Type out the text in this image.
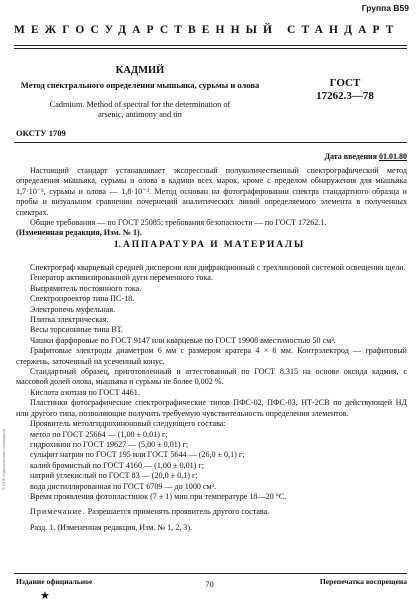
Группа В59
МЕЖГОСУДАРСТВЕННЫЙ СТАНДАРТ
КАДМИЙ
Метод спектрального определения мышьяка, сурьмы и олова
Cadmium. Method of spectral for the determination of arsenic, antimony and tin
ГОСТ
17262.3—78
ОКСТУ 1709
Дата введения 01.01.80

Настоящий стандарт устанавливает экспрессный полуколичественный спектрографический метод определения мышьяка, сурьмы и олова в кадмии всех марок, кроме с пределом обнаружения для мышьяка 1,7·10⁻³, сурьмы и олова — 1,8·10⁻³. Метод основан на фотографировании спектра стандартного образца и пробы и визуальном сравнении почернений аналитических линий определяемого элемента в полученных спектрах.

Общие требования — по ГОСТ 25085; требования безопасности — по ГОСТ 17262.1.

(Измененная редакция, Изм. № 1).

1. АППАРАТУРА И МАТЕРИАЛЫ

Спектрограф кварцевый средней дисперсии или дифракционный с трехлинзовой системой освещения щели.

Генератор активизированной дуги переменного тока.

Выпрямитель постоянного тока.

Спектропроектор типа ПС-18.

Электропечь муфельная.

Плитка электрическая.

Весы торсионные типа ВТ.

Чашки фарфоровые по ГОСТ 9147 или кварцевые по ГОСТ 19908 вместимостью 50 см³.

Графитовые электроды диаметром 6 мм с размером кратера 4 × 6 мм. Контрэлектрод — графитовый стержень, заточенный на усеченный конус.

Стандартный образец, приготовленный и аттестованный по ГОСТ 8.315 на основе оксида кадмия, с массовой долей олова, мышьяка и сурьмы не более 0,002 %.

Кислота азотная по ГОСТ 4461.

Пластинки фотографические спектрографические типов ПФС-02, ПФС-03, НТ-2СВ по действующей НД или другого типа, позволяющие получить требуемую чувствительность определения элементов.

Проявитель метолгидрохиноновый следующего состава:

метол по ГОСТ 25664 — (1,00 ± 0,01) г;

гидрохинон по ГОСТ 19627 — (5,00 ± 0,01) г;

сульфит натрия по ГОСТ 195 или ГОСТ 5644 — (26,0 ± 0,1) г;

калий бромистый по ГОСТ 4160 — (1,00 ± 0,01) г;

натрий углекислый по ГОСТ 83 — (20,0 ± 0,1) г;

вода дистиллированная по ГОСТ 6709 — до 1000 см³.

Время проявления фотопластинок (7 ± 1) мин при температуре 18—20 °С.

Примечание. Разрешается применять проявитель другого состава.

Разд. 1. (Измененная редакция, Изм. № 1, 2, 3).

Издание официальное	Перепечатка воспрещена
70
★
© ИПК Издательство стандартов
